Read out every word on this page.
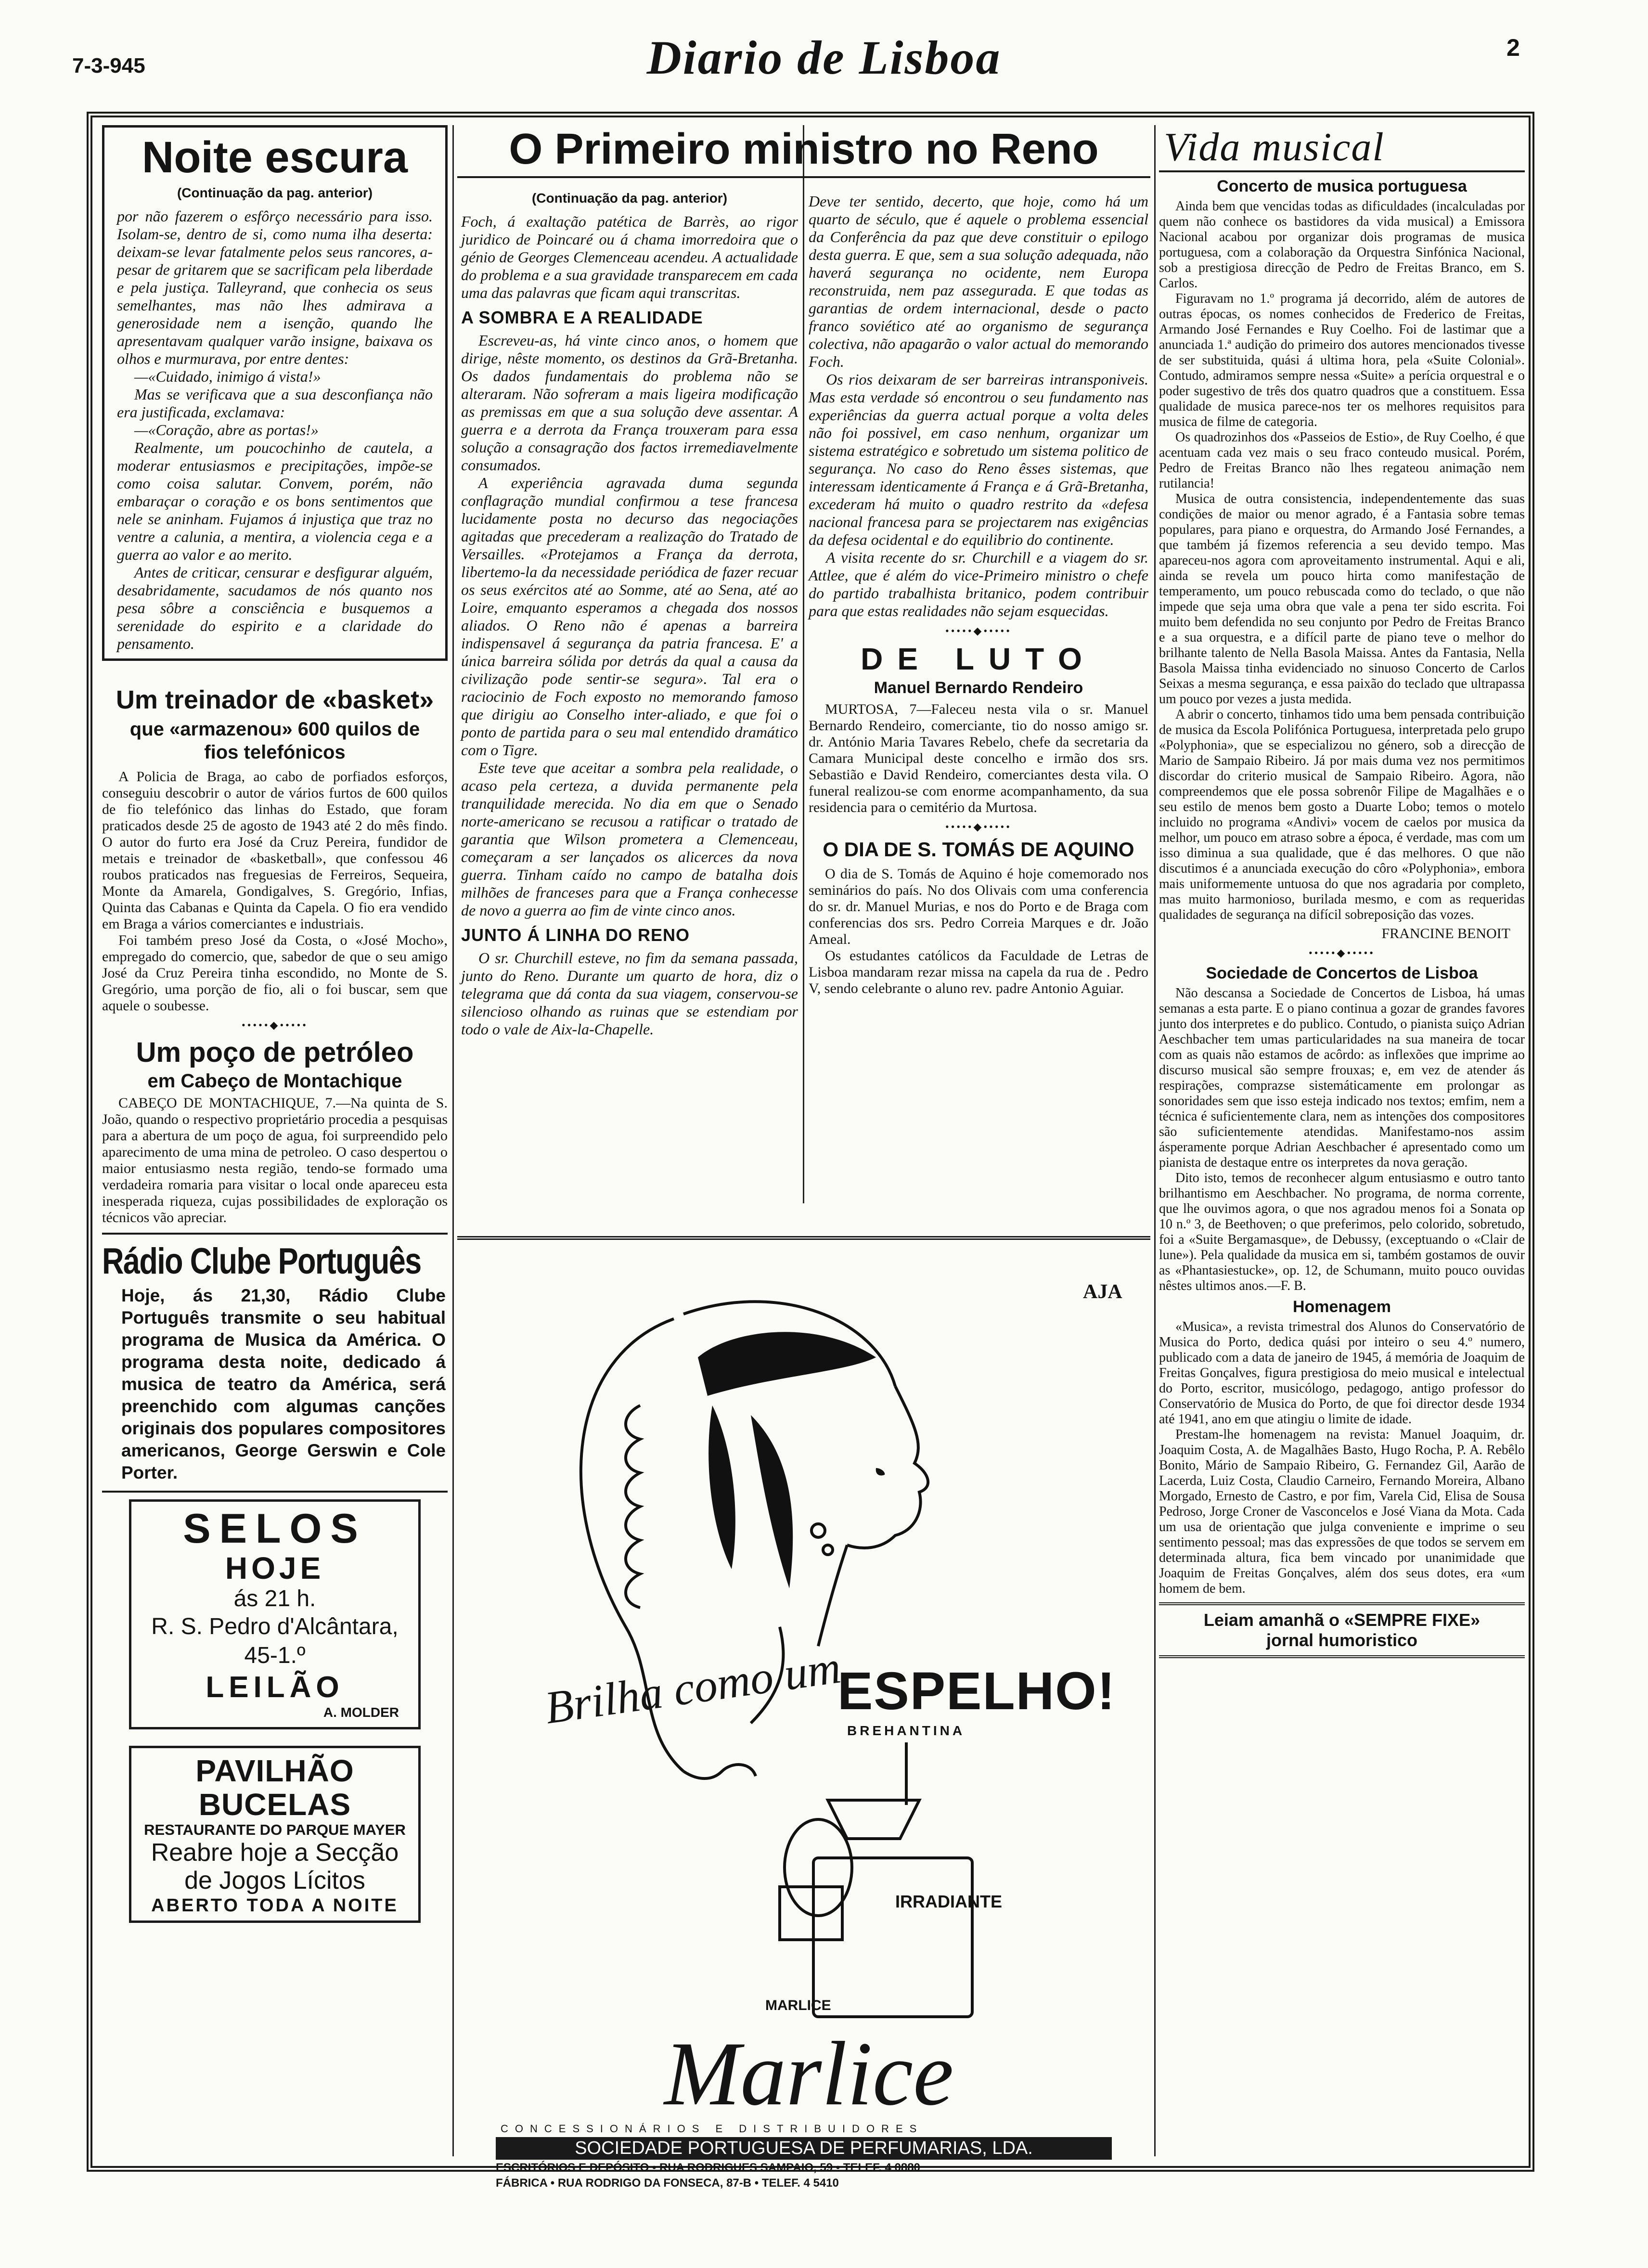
7-3-945	Diario de Lisboa	2
Noite escura
(Continuação da pag. anterior)

por não fazerem o esfôrço necessário para isso. Isolam-se, dentro de si, como numa ilha deserta: deixam-se levar fatalmente pelos seus rancores, a-pesar de gritarem que se sacrificam pela liberdade e pela justiça. Talleyrand, que conhecia os seus semelhantes, mas não lhes admirava a generosidade nem a isenção, quando lhe apresentavam qualquer varão insigne, baixava os olhos e murmurava, por entre dentes:

—«Cuidado, inimigo á vista!»

Mas se verificava que a sua desconfiança não era justificada, exclamava:

—«Coração, abre as portas!»

Realmente, um poucochinho de cautela, a moderar entusiasmos e precipitações, impõe-se como coisa salutar. Convem, porém, não embaraçar o coração e os bons sentimentos que nele se aninham. Fujamos á injustiça que traz no ventre a calunia, a mentira, a violencia cega e a guerra ao valor e ao merito.

Antes de criticar, censurar e desfigurar alguém, desabridamente, sacudamos de nós quanto nos pesa sôbre a consciência e busquemos a serenidade do espirito e a claridade do pensamento.

Um treinador de «basket»
que «armazenou» 600 quilos de fios telefónicos

A Policia de Braga, ao cabo de porfiados esforços, conseguiu descobrir o autor de vários furtos de 600 quilos de fio telefónico das linhas do Estado, que foram praticados desde 25 de agosto de 1943 até 2 do mês findo. O autor do furto era José da Cruz Pereira, fundidor de metais e treinador de «basketball», que confessou 46 roubos praticados nas freguesias de Ferreiros, Sequeira, Monte da Amarela, Gondigalves, S. Gregório, Infias, Quinta das Cabanas e Quinta da Capela. O fio era vendido em Braga a vários comerciantes e industriais.

Foi também preso José da Costa, o «José Mocho», empregado do comercio, que, sabedor de que o seu amigo José da Cruz Pereira tinha escondido, no Monte de S. Gregório, uma porção de fio, ali o foi buscar, sem que aquele o soubesse.

•••••◆•••••
Um poço de petróleo
em Cabeço de Montachique

CABEÇO DE MONTACHIQUE, 7.—Na quinta de S. João, quando o respectivo proprietário procedia a pesquisas para a abertura de um poço de agua, foi surpreendido pelo aparecimento de uma mina de petroleo. O caso despertou o maior entusiasmo nesta região, tendo-se formado uma verdadeira romaria para visitar o local onde apareceu esta inesperada riqueza, cujas possibilidades de exploração os técnicos vão apreciar.

Rádio Clube Português

Hoje, ás 21,30, Rádio Clube Português transmite o seu habitual programa de Musica da América. O programa desta noite, dedicado á musica de teatro da América, será preenchido com algumas canções originais dos populares compositores americanos, George Gerswin e Cole Porter.

SELOS
HOJE
ás 21 h.
R. S. Pedro d'Alcântara, 45-1.º
LEILÃO
A. MOLDER
PAVILHÃO BUCELAS
RESTAURANTE DO PARQUE MAYER
Reabre hoje a Secção
de Jogos Lícitos
ABERTO TODA A NOITE
O Primeiro ministro no Reno
(Continuação da pag. anterior)

Foch, á exaltação patética de Barrès, ao rigor juridico de Poincaré ou á chama imorredoira que o génio de Georges Clemenceau acendeu. A actualidade do problema e a sua gravidade transparecem em cada uma das palavras que ficam aqui transcritas.

A SOMBRA E A REALIDADE

Escreveu-as, há vinte cinco anos, o homem que dirige, nêste momento, os destinos da Grã-Bretanha. Os dados fundamentais do problema não se alteraram. Não sofreram a mais ligeira modificação as premissas em que a sua solução deve assentar. A guerra e a derrota da França trouxeram para essa solução a consagração dos factos irremediavelmente consumados.

A experiência agravada duma segunda conflagração mundial confirmou a tese francesa lucidamente posta no decurso das negociações agitadas que precederam a realização do Tratado de Versailles. «Protejamos a França da derrota, libertemo-la da necessidade periódica de fazer recuar os seus exércitos até ao Somme, até ao Sena, até ao Loire, emquanto esperamos a chegada dos nossos aliados. O Reno não é apenas a barreira indispensavel á segurança da patria francesa. E' a única barreira sólida por detrás da qual a causa da civilização pode sentir-se segura». Tal era o raciocinio de Foch exposto no memorando famoso que dirigiu ao Conselho inter-aliado, e que foi o ponto de partida para o seu mal entendido dramático com o Tigre.

Este teve que aceitar a sombra pela realidade, o acaso pela certeza, a duvida permanente pela tranquilidade merecida. No dia em que o Senado norte-americano se recusou a ratificar o tratado de garantia que Wilson prometera a Clemenceau, começaram a ser lançados os alicerces da nova guerra. Tinham caído no campo de batalha dois milhões de franceses para que a França conhecesse de novo a guerra ao fim de vinte cinco anos.

JUNTO Á LINHA DO RENO

O sr. Churchill esteve, no fim da semana passada, junto do Reno. Durante um quarto de hora, diz o telegrama que dá conta da sua viagem, conservou-se silencioso olhando as ruinas que se estendiam por todo o vale de Aix-la-Chapelle.

Deve ter sentido, decerto, que hoje, como há um quarto de século, que é aquele o problema essencial da Conferência da paz que deve constituir o epilogo desta guerra. E que, sem a sua solução adequada, não haverá segurança no ocidente, nem Europa reconstruida, nem paz assegurada. E que todas as garantias de ordem internacional, desde o pacto franco soviético até ao organismo de segurança colectiva, não apagarão o valor actual do memorando Foch.

Os rios deixaram de ser barreiras intransponiveis. Mas esta verdade só encontrou o seu fundamento nas experiências da guerra actual porque a volta deles não foi possivel, em caso nenhum, organizar um sistema estratégico e sobretudo um sistema politico de segurança. No caso do Reno êsses sistemas, que interessam identicamente á França e á Grã-Bretanha, excederam há muito o quadro restrito da «defesa nacional francesa para se projectarem nas exigências da defesa ocidental e do equilibrio do continente.

A visita recente do sr. Churchill e a viagem do sr. Attlee, que é além do vice-Primeiro ministro o chefe do partido trabalhista britanico, podem contribuir para que estas realidades não sejam esquecidas.

•••••◆•••••
DE LUTO
Manuel Bernardo Rendeiro

MURTOSA, 7—Faleceu nesta vila o sr. Manuel Bernardo Rendeiro, comerciante, tio do nosso amigo sr. dr. António Maria Tavares Rebelo, chefe da secretaria da Camara Municipal deste concelho e irmão dos srs. Sebastião e David Rendeiro, comerciantes desta vila. O funeral realizou-se com enorme acompanhamento, da sua residencia para o cemitério da Murtosa.

•••••◆•••••
O DIA DE S. TOMÁS DE AQUINO

O dia de S. Tomás de Aquino é hoje comemorado nos seminários do país. No dos Olivais com uma conferencia do sr. dr. Manuel Murias, e nos do Porto e de Braga com conferencias dos srs. Pedro Correia Marques e dr. João Ameal.

Os estudantes católicos da Faculdade de Letras de Lisboa mandaram rezar missa na capela da rua de . Pedro V, sendo celebrante o aluno rev. padre Antonio Aguiar.

Brilha como um
ESPELHO!
BREHANTINA
IRRADIANTE
MARLICE
AJA
Marlice
CONCESSIONÁRIOS E DISTRIBUIDORES
SOCIEDADE PORTUGUESA DE PERFUMARIAS, LDA.
ESCRITÓRIOS E DEPÓSITO • RUA RODRIGUES SAMPAIO, 59 • TELEF. 4 0880
FÁBRICA • RUA RODRIGO DA FONSECA, 87-B • TELEF. 4 5410
Vida musical
Concerto de musica portuguesa

Ainda bem que vencidas todas as dificuldades (incalculadas por quem não conhece os bastidores da vida musical) a Emissora Nacional acabou por organizar dois programas de musica portuguesa, com a colaboração da Orquestra Sinfónica Nacional, sob a prestigiosa direcção de Pedro de Freitas Branco, em S. Carlos.

Figuravam no 1.º programa já decorrido, além de autores de outras épocas, os nomes conhecidos de Frederico de Freitas, Armando José Fernandes e Ruy Coelho. Foi de lastimar que a anunciada 1.ª audição do primeiro dos autores mencionados tivesse de ser substituida, quási á ultima hora, pela «Suite Colonial». Contudo, admiramos sempre nessa «Suite» a perícia orquestral e o poder sugestivo de três dos quatro quadros que a constituem. Essa qualidade de musica parece-nos ter os melhores requisitos para musica de filme de categoria.

Os quadrozinhos dos «Passeios de Estio», de Ruy Coelho, é que acentuam cada vez mais o seu fraco conteudo musical. Porém, Pedro de Freitas Branco não lhes regateou animação nem rutilancia!

Musica de outra consistencia, independentemente das suas condições de maior ou menor agrado, é a Fantasia sobre temas populares, para piano e orquestra, do Armando José Fernandes, a que também já fizemos referencia a seu devido tempo. Mas apareceu-nos agora com aproveitamento instrumental. Aqui e ali, ainda se revela um pouco hirta como manifestação de temperamento, um pouco rebuscada como do teclado, o que não impede que seja uma obra que vale a pena ter sido escrita. Foi muito bem defendida no seu conjunto por Pedro de Freitas Branco e a sua orquestra, e a difícil parte de piano teve o melhor do brilhante talento de Nella Basola Maissa. Antes da Fantasia, Nella Basola Maissa tinha evidenciado no sinuoso Concerto de Carlos Seixas a mesma segurança, e essa paixão do teclado que ultrapassa um pouco por vezes a justa medida.

A abrir o concerto, tinhamos tido uma bem pensada contribuição de musica da Escola Polifónica Portuguesa, interpretada pelo grupo «Polyphonia», que se especializou no género, sob a direcção de Mario de Sampaio Ribeiro. Já por mais duma vez nos permitimos discordar do criterio musical de Sampaio Ribeiro. Agora, não compreendemos que ele possa sobrenôr Filipe de Magalhães e o seu estilo de menos bem gosto a Duarte Lobo; temos o motelo incluido no programa «Andivi» vocem de caelos por musica da melhor, um pouco em atraso sobre a época, é verdade, mas com um isso diminua a sua qualidade, que é das melhores. O que não discutimos é a anunciada execução do côro «Polyphonia», embora mais uniformemente untuosa do que nos agradaria por completo, mas muito harmonioso, burilada mesmo, e com as requeridas qualidades de segurança na difícil sobreposição das vozes.

FRANCINE BENOIT
•••••◆•••••
Sociedade de Concertos de Lisboa

Não descansa a Sociedade de Concertos de Lisboa, há umas semanas a esta parte. E o piano continua a gozar de grandes favores junto dos interpretes e do publico. Contudo, o pianista suiço Adrian Aeschbacher tem umas particularidades na sua maneira de tocar com as quais não estamos de acôrdo: as inflexões que imprime ao discurso musical são sempre frouxas; e, em vez de atender ás respirações, comprazse sistemáticamente em prolongar as sonoridades sem que isso esteja indicado nos textos; emfim, nem a técnica é suficientemente clara, nem as intenções dos compositores são suficientemente atendidas. Manifestamo-nos assim ásperamente porque Adrian Aeschbacher é apresentado como um pianista de destaque entre os interpretes da nova geração.

Dito isto, temos de reconhecer algum entusiasmo e outro tanto brilhantismo em Aeschbacher. No programa, de norma corrente, que lhe ouvimos agora, o que nos agradou menos foi a Sonata op 10 n.º 3, de Beethoven; o que preferimos, pelo colorido, sobretudo, foi a «Suite Bergamasque», de Debussy, (exceptuando o «Clair de lune»). Pela qualidade da musica em si, também gostamos de ouvir as «Phantasiestucke», op. 12, de Schumann, muito pouco ouvidas nêstes ultimos anos.—F. B.

Homenagem

«Musica», a revista trimestral dos Alunos do Conservatório de Musica do Porto, dedica quási por inteiro o seu 4.º numero, publicado com a data de janeiro de 1945, á memória de Joaquim de Freitas Gonçalves, figura prestigiosa do meio musical e intelectual do Porto, escritor, musicólogo, pedagogo, antigo professor do Conservatório de Musica do Porto, de que foi director desde 1934 até 1941, ano em que atingiu o limite de idade.

Prestam-lhe homenagem na revista: Manuel Joaquim, dr. Joaquim Costa, A. de Magalhães Basto, Hugo Rocha, P. A. Rebêlo Bonito, Mário de Sampaio Ribeiro, G. Fernandez Gil, Aarão de Lacerda, Luiz Costa, Claudio Carneiro, Fernando Moreira, Albano Morgado, Ernesto de Castro, e por fim, Varela Cid, Elisa de Sousa Pedroso, Jorge Croner de Vasconcelos e José Viana da Mota. Cada um usa de orientação que julga conveniente e imprime o seu sentimento pessoal; mas das expressões de que todos se servem em determinada altura, fica bem vincado por unanimidade que Joaquim de Freitas Gonçalves, além dos seus dotes, era «um homem de bem.

Leiam amanhã o «SEMPRE FIXE»
jornal humoristico
